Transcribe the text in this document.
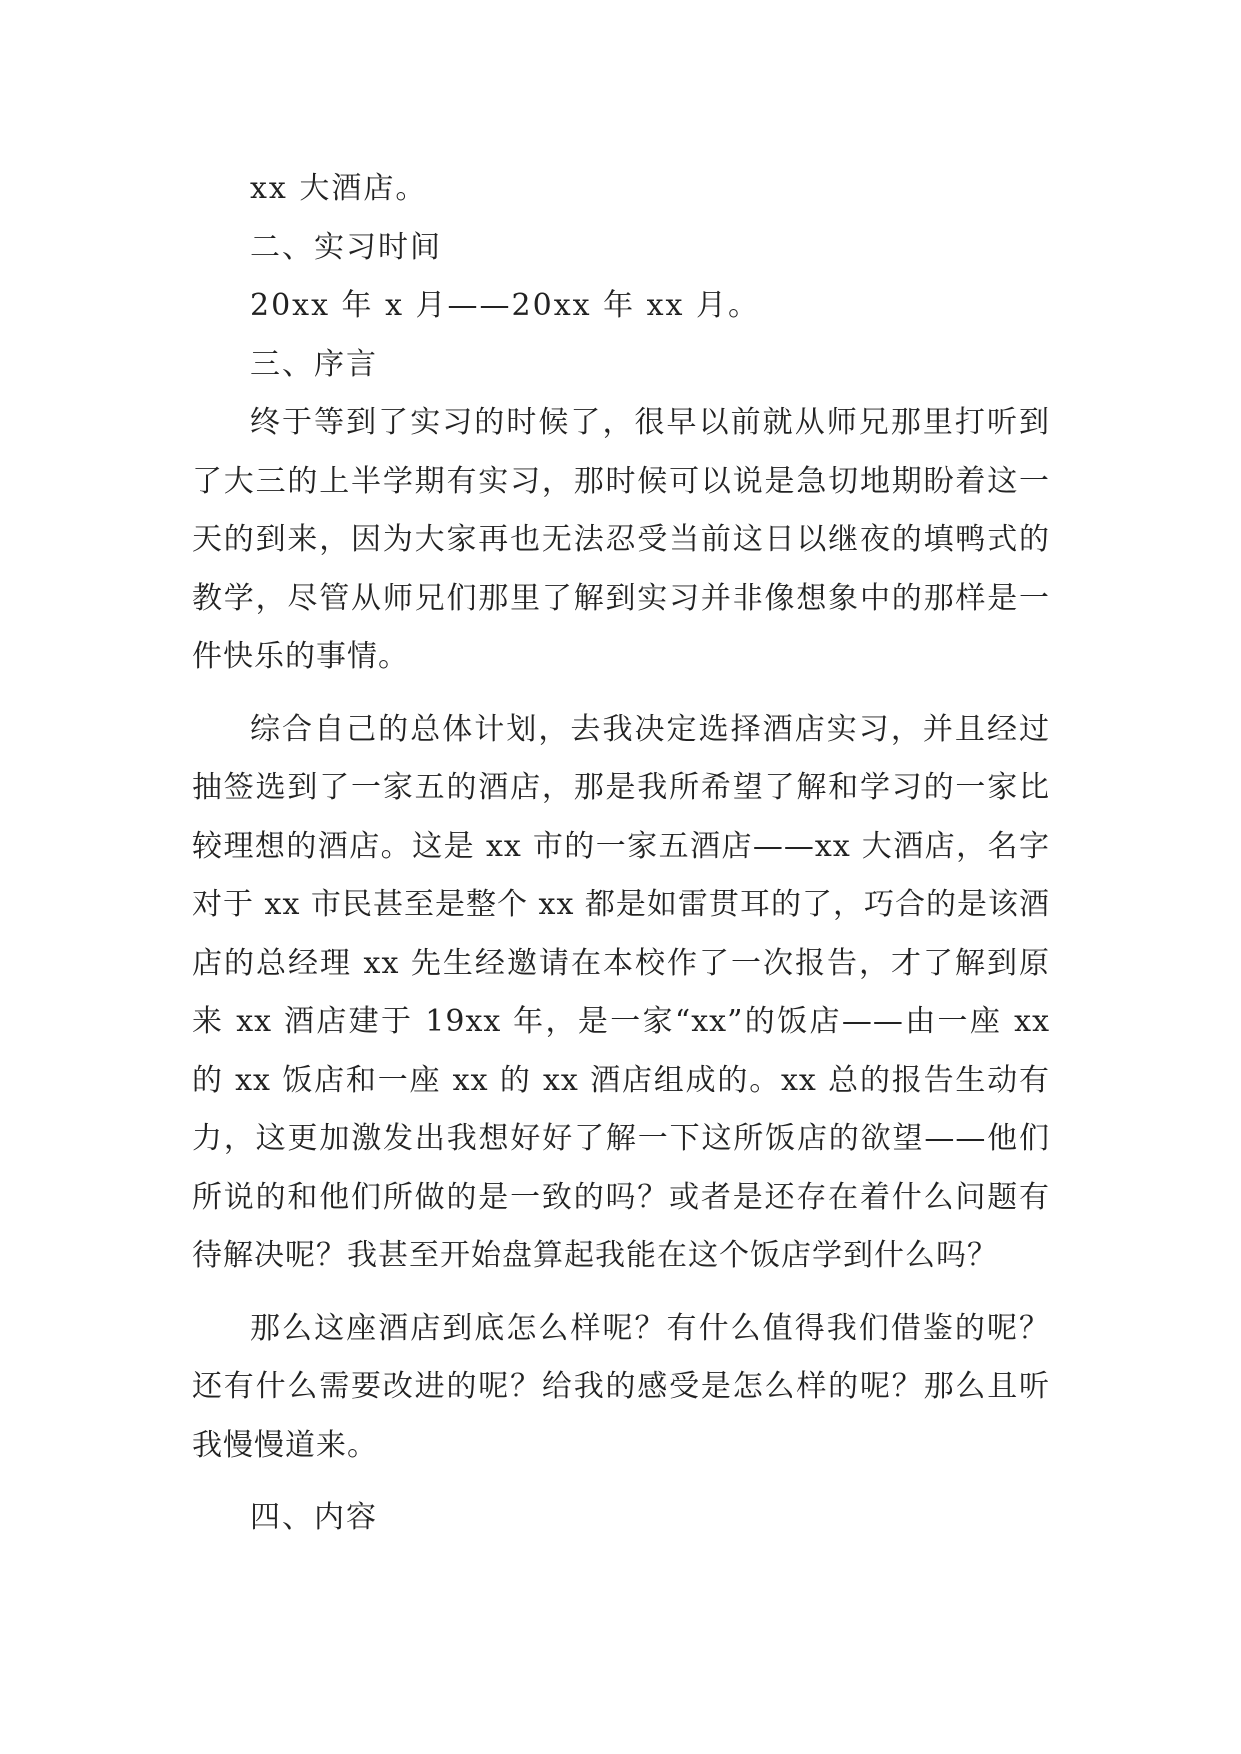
xx 大酒店。

二、实习时间

20xx 年 x 月——20xx 年 xx 月。

三、序言

终于等到了实习的时候了，很早以前就从师兄那里打听到了大三的上半学期有实习，那时候可以说是急切地期盼着这一天的到来，因为大家再也无法忍受当前这日以继夜的填鸭式的教学，尽管从师兄们那里了解到实习并非像想象中的那样是一件快乐的事情。

综合自己的总体计划，去我决定选择酒店实习，并且经过抽签选到了一家五的酒店，那是我所希望了解和学习的一家比较理想的酒店。这是 xx 市的一家五酒店——xx 大酒店，名字对于 xx 市民甚至是整个 xx 都是如雷贯耳的了，巧合的是该酒店的总经理 xx 先生经邀请在本校作了一次报告，才了解到原来 xx 酒店建于 19xx 年，是一家“xx”的饭店——由一座 xx 的 xx 饭店和一座 xx 的 xx 酒店组成的。xx 总的报告生动有力，这更加激发出我想好好了解一下这所饭店的欲望——他们所说的和他们所做的是一致的吗？或者是还存在着什么问题有待解决呢？我甚至开始盘算起我能在这个饭店学到什么吗？

那么这座酒店到底怎么样呢？有什么值得我们借鉴的呢？还有什么需要改进的呢？给我的感受是怎么样的呢？那么且听我慢慢道来。

四、内容
